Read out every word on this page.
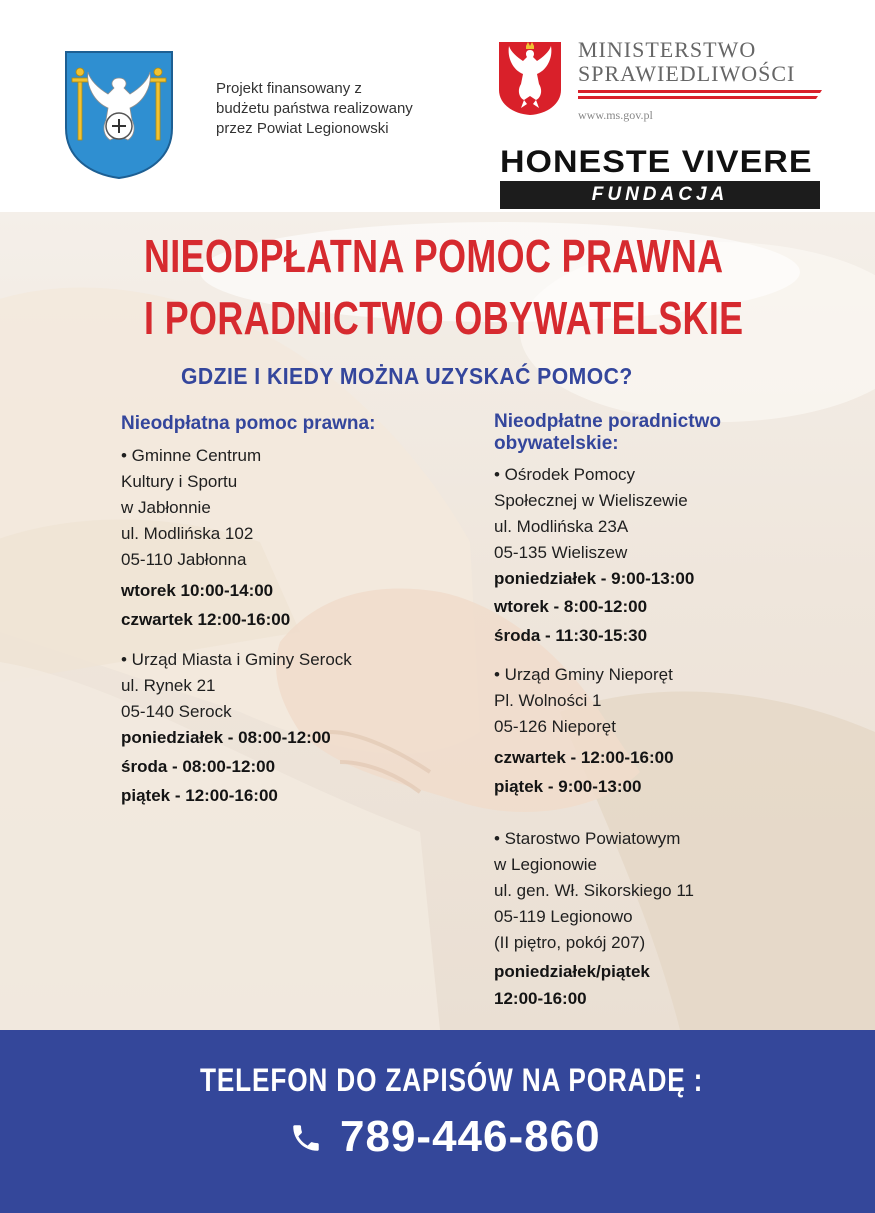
Projekt finansowany z
budżetu państwa realizowany
przez Powiat Legionowski
MINISTERSTWO
SPRAWIEDLIWOŚCI
www.ms.gov.pl
HONESTE VIVERE
FUNDACJA
NIEODPŁATNA POMOC PRAWNA
I PORADNICTWO OBYWATELSKIE
GDZIE I KIEDY MOŻNA UZYSKAĆ POMOC?
Nieodpłatna pomoc prawna:
• Gminne Centrum
Kultury i Sportu
w Jabłonnie
ul. Modlińska 102
05-110 Jabłonna
wtorek 10:00-14:00
czwartek 12:00-16:00
• Urząd Miasta i Gminy Serock
ul. Rynek 21
05-140 Serock
poniedziałek - 08:00-12:00
środa - 08:00-12:00
piątek - 12:00-16:00
Nieodpłatne poradnictwo
obywatelskie:
• Ośrodek Pomocy
Społecznej w Wieliszewie
ul. Modlińska 23A
05-135 Wieliszew
poniedziałek - 9:00-13:00
wtorek - 8:00-12:00
środa - 11:30-15:30
• Urząd Gminy Nieporęt
Pl. Wolności 1
05-126 Nieporęt
czwartek - 12:00-16:00
piątek - 9:00-13:00
• Starostwo Powiatowym
w Legionowie
ul. gen. Wł. Sikorskiego 11
05-119 Legionowo
(II piętro, pokój 207)
poniedziałek/piątek
12:00-16:00
TELEFON DO ZAPISÓW NA PORADĘ :
789-446-860
